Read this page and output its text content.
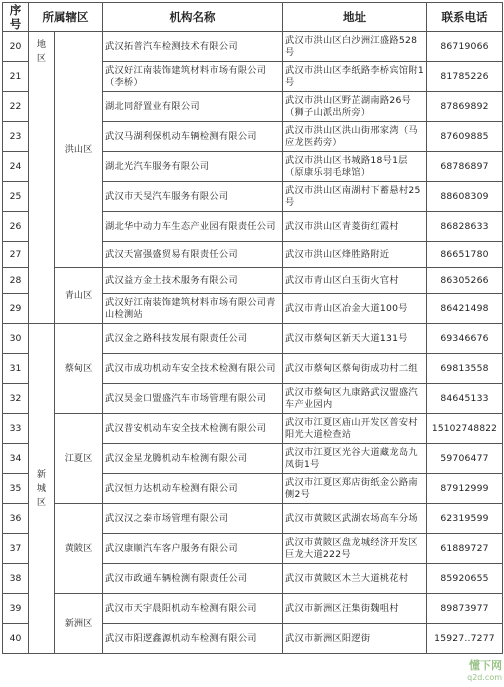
序号	所属辖区		机构名称	地址	联系电话
20	地区	洪山区	武汉拓普汽车检测技术有限公司	武汉市洪山区白沙洲江盛路528号	86719066
21			武汉好江南装饰建筑材料市场有限公司（李桥）	武汉市洪山区李纸路李桥宾馆附1号	81785226
22			湖北同舒置业有限公司	武汉市洪山区野芷湖南路26号（狮子山派出所旁）	87869892
23			武汉马湖利保机动车辆检测有限公司	武汉市洪山区洪山街邢家湾（马应龙医药旁）	87609885
24			湖北光汽车服务有限公司	武汉市洪山区书城路18号1层（原康乐羽毛球馆）	68786897
25			武汉市天旻汽车服务有限公司	武汉市洪山区南湖村下蓄悬村25号	88608309
26			湖北华中动力车生态产业园有限责任公司	武汉市洪山区青菱街红霞村	86828633
27			武汉天富强盛贸易有限责任公司	武汉市洪山区烽胜路附近	86651780
28		青山区	武汉益方金土技术服务有限公司	武汉市青山区白玉街火官村	86305266
29			武汉好江南装饰建筑材料市场有限公司青山检测站	武汉市青山区冶金大道100号	86421498
30	新城区	蔡甸区	武汉金之路科技发展有限责任公司	武汉市蔡甸区新天大道131号	69346676
31			武汉市成功机动车安全技术检测有限公司	武汉市蔡甸区蔡甸街成功村二组	69813558
32			武汉昊金口盟盛汽车市场管理有限公司	武汉市蔡甸区九康路武汉盟盛汽车产业园内	84645133
33		江夏区	武汉普安机动车安全技术检测有限公司	武汉市江夏区庙山开发区普安村阳光大道检查站	15102748822
34			武汉金星龙腾机动车检测有限公司	武汉市江夏区光谷大道藏龙岛九凤街1号	59706477
35			武汉恒力达机动车检测有限公司	武汉市江夏区郑店街纸金公路南侧2号	87912999
36		黄陂区	武汉汉之泰市场管理有限公司	武汉市黄陂区武湖农场高车分场	62319599
37			武汉康顺汽车客户服务有限公司	武汉市黄陂区盘龙城经济开发区巨龙大道222号	61889727
38			武汉市政通车辆检测有限责任公司	武汉市黄陂区木兰大道桃花村	85920655
39		新洲区	武汉市天宇晨阳机动车检测有限公司	武汉市新洲区汪集街魏咀村	89873977
40			武汉市阳逻鑫源机动车检测有限公司	武汉市新洲区阳逻街	15927..7277
懂下网
q2d.com
